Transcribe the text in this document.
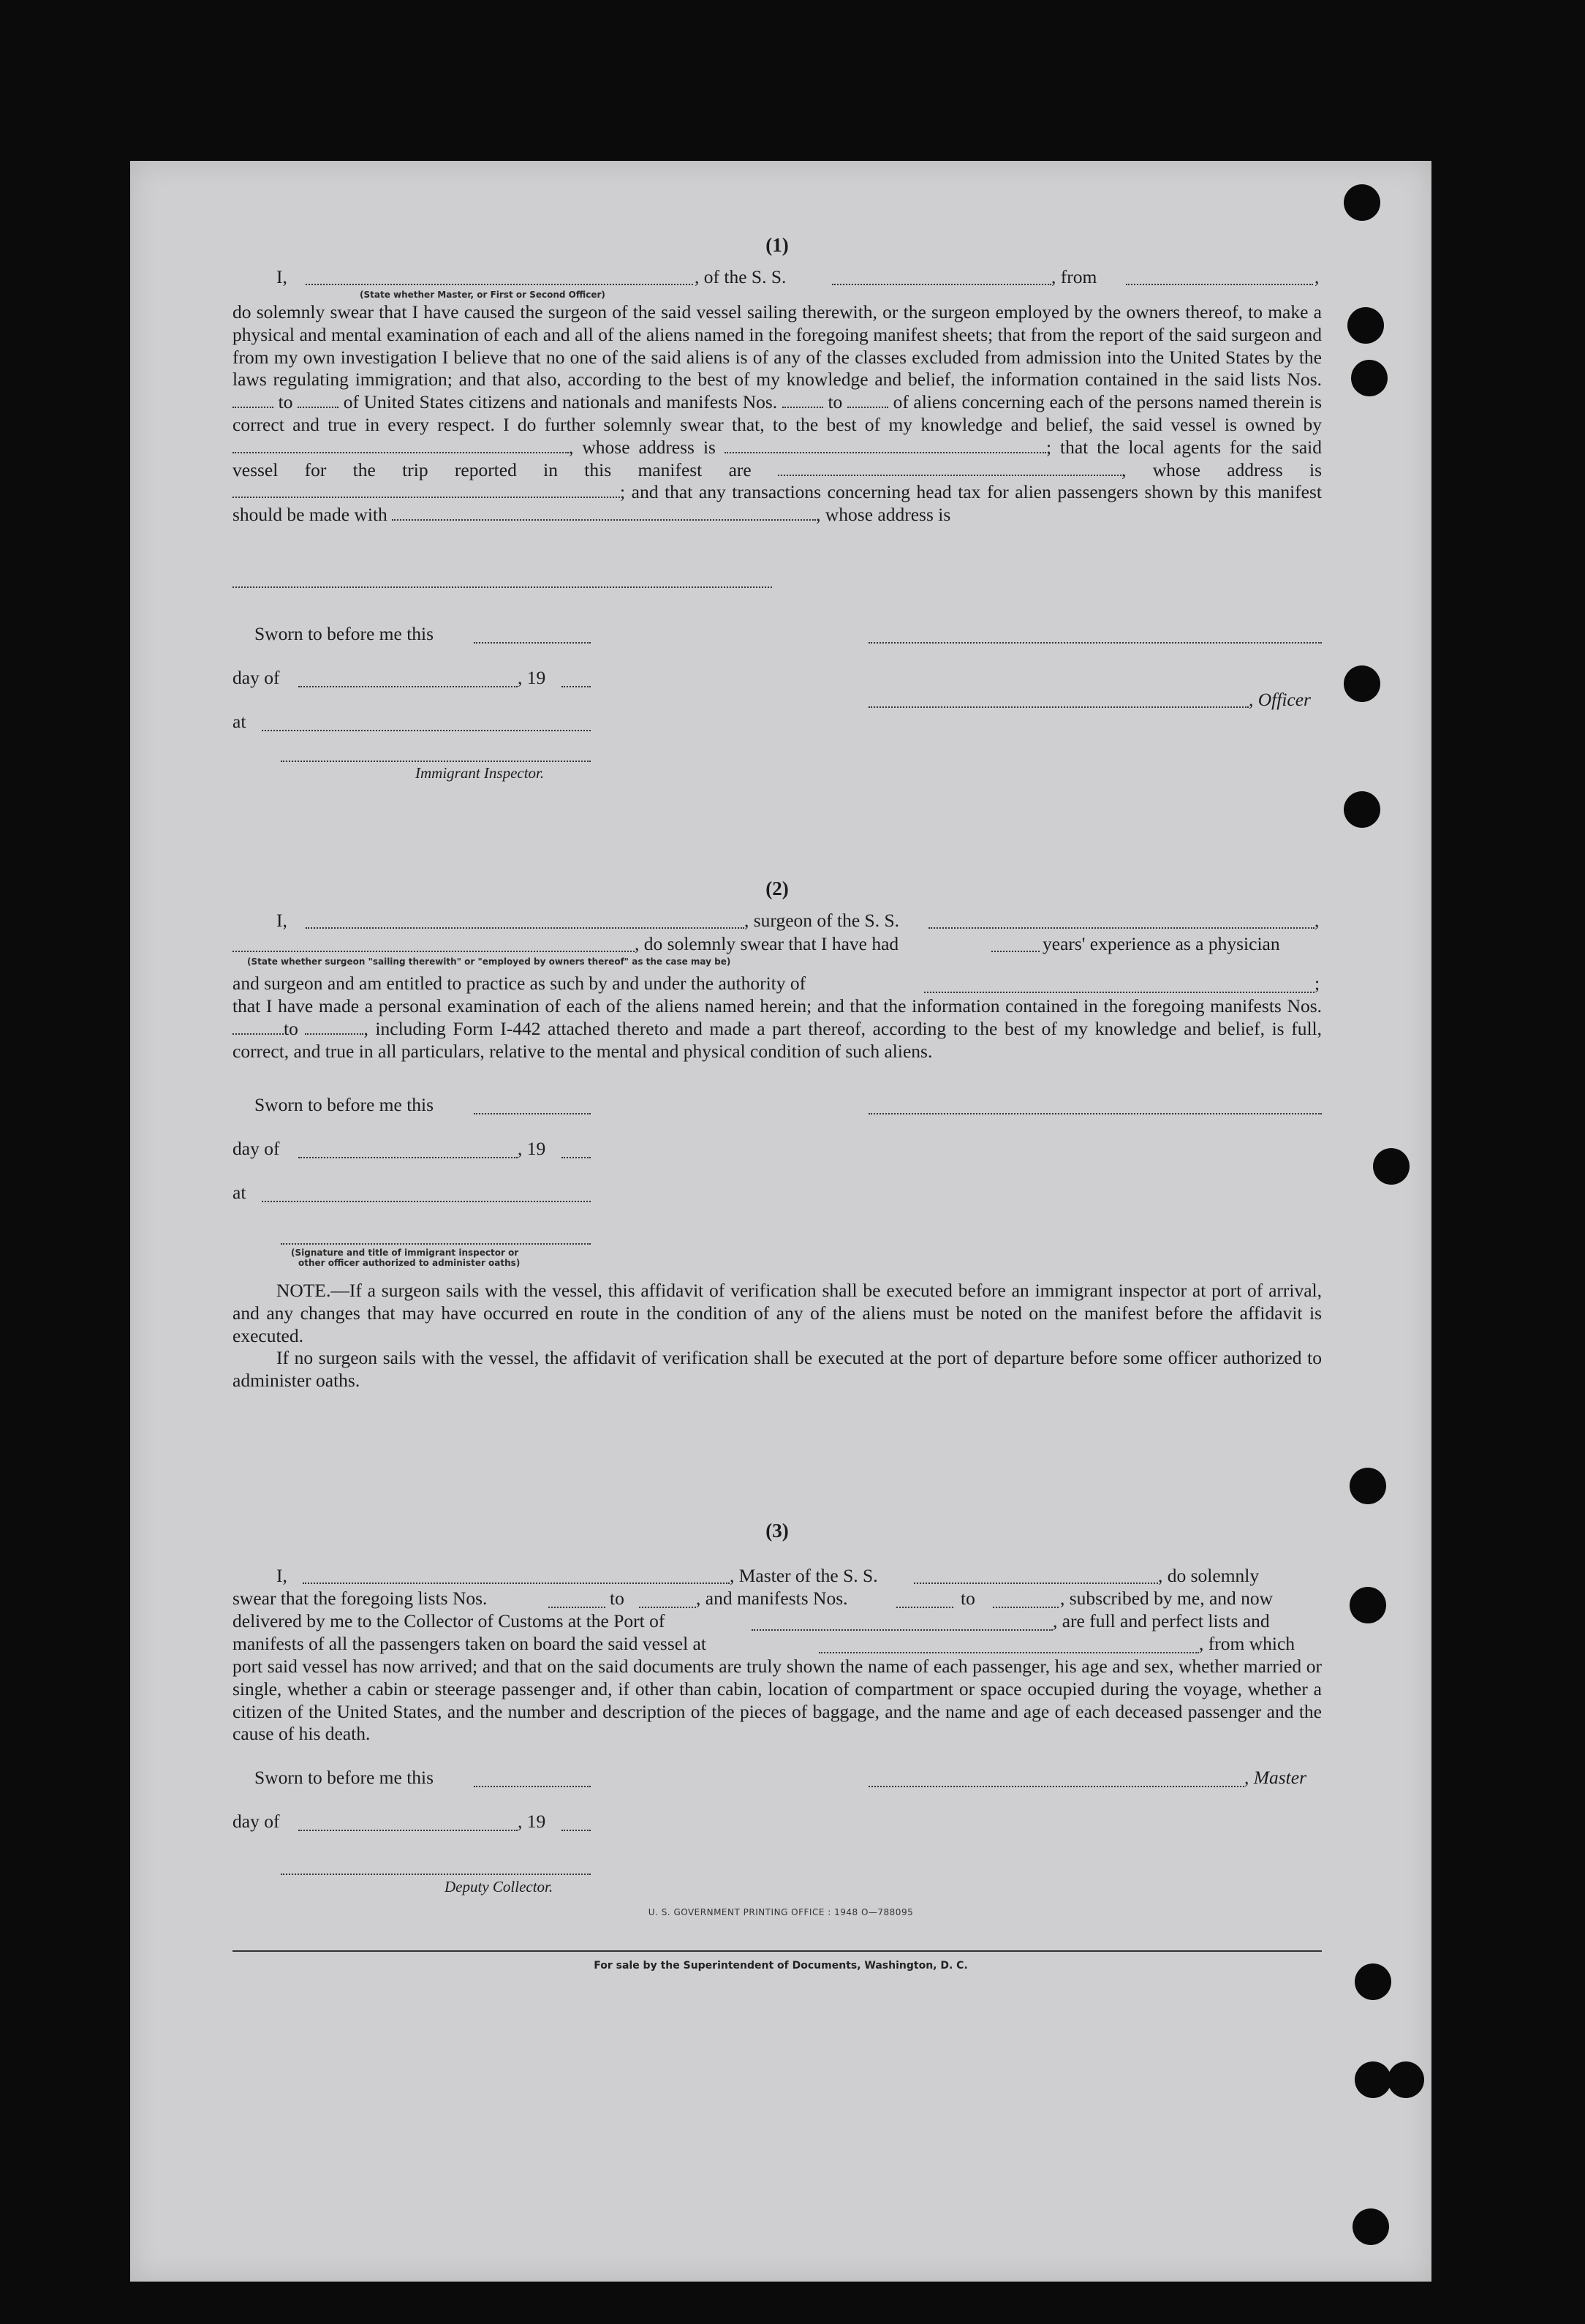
(1)
I,	, of the S. S.	, from	,
(State whether Master, or First or Second Officer)

do solemnly swear that I have caused the surgeon of the said vessel sailing therewith, or the surgeon employed by the owners thereof, to make a physical and mental examination of each and all of the aliens named in the foregoing manifest sheets; that from the report of the said surgeon and from my own investigation I believe that no one of the said aliens is of any of the classes excluded from admission into the United States by the laws regulating immigration; and that also, according to the best of my knowledge and belief, the information contained in the said lists Nos.  to	of United States citizens and nationals and manifests Nos.	to	of aliens concerning each of the persons named therein is correct and true in every respect. I do further solemnly swear that, to the best of my knowledge and belief, the said vessel is owned by , whose address is	; that the local agents for the said vessel for the trip reported in this manifest are	, whose address is ; and that any transactions concerning head tax for alien passengers shown by this manifest should be made with	, whose address is

Sworn to before me this
day of	, 19
, Officer
at
Immigrant Inspector.
(2)
I,	, surgeon of the S. S.	,
, do solemnly swear that I have had	years' experience as a physician
(State whether surgeon "sailing therewith" or "employed by owners thereof" as the case may be)
and surgeon and am entitled to practice as such by and under the authority of	;

that I have made a personal examination of each of the aliens named herein; and that the information contained in the foregoing manifests Nos. to	, including Form I-442 attached thereto and made a part thereof, according to the best of my knowledge and belief, is full, correct, and true in all particulars, relative to the mental and physical condition of such aliens.

Sworn to before me this
day of	, 19
at
(Signature and title of immigrant inspector or
other officer authorized to administer oaths)

NOTE.—If a surgeon sails with the vessel, this affidavit of verification shall be executed before an immigrant inspector at port of arrival, and any changes that may have occurred en route in the condition of any of the aliens must be noted on the manifest before the affidavit is executed.

If no surgeon sails with the vessel, the affidavit of verification shall be executed at the port of departure before some officer authorized to administer oaths.

(3)
I,	, Master of the S. S.	, do solemnly
swear that the foregoing lists Nos.	to	, and manifests Nos.	to	, subscribed by me, and now
delivered by me to the Collector of Customs at the Port of	, are full and perfect lists and
manifests of all the passengers taken on board the said vessel at	, from which

port said vessel has now arrived; and that on the said documents are truly shown the name of each passenger, his age and sex, whether married or single, whether a cabin or steerage passenger and, if other than cabin, location of compartment or space occupied during the voyage, whether a citizen of the United States, and the number and description of the pieces of baggage, and the name and age of each deceased passenger and the cause of his death.

Sworn to before me this	, Master
day of	, 19
Deputy Collector.
U. S. GOVERNMENT PRINTING OFFICE : 1948 O—788095
For sale by the Superintendent of Documents, Washington, D. C.
